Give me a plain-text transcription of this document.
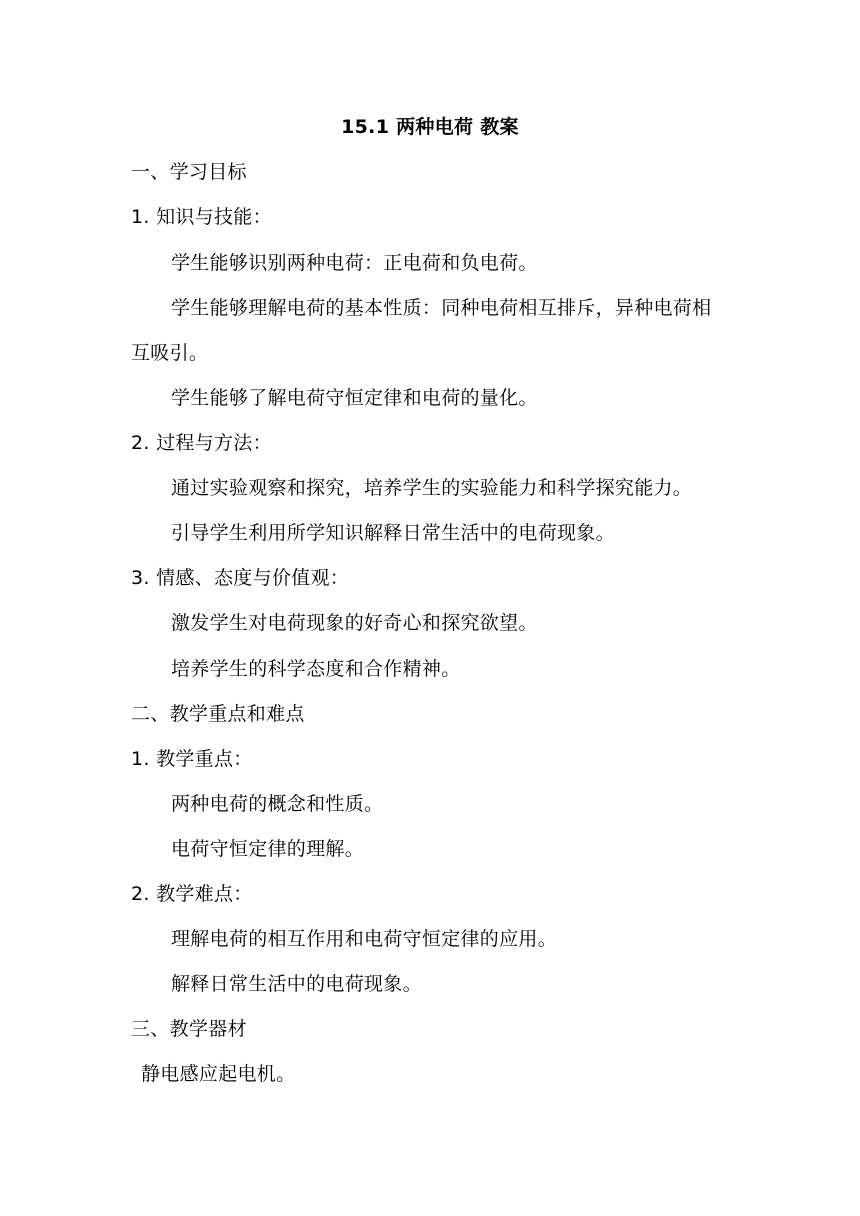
15.1 两种电荷 教案
一、学习目标
1. 知识与技能：
学生能够识别两种电荷：正电荷和负电荷。
学生能够理解电荷的基本性质：同种电荷相互排斥，异种电荷相
互吸引。
学生能够了解电荷守恒定律和电荷的量化。
2. 过程与方法：
通过实验观察和探究，培养学生的实验能力和科学探究能力。
引导学生利用所学知识解释日常生活中的电荷现象。
3. 情感、态度与价值观：
激发学生对电荷现象的好奇心和探究欲望。
培养学生的科学态度和合作精神。
二、教学重点和难点
1. 教学重点：
两种电荷的概念和性质。
电荷守恒定律的理解。
2. 教学难点：
理解电荷的相互作用和电荷守恒定律的应用。
解释日常生活中的电荷现象。
三、教学器材
静电感应起电机。
